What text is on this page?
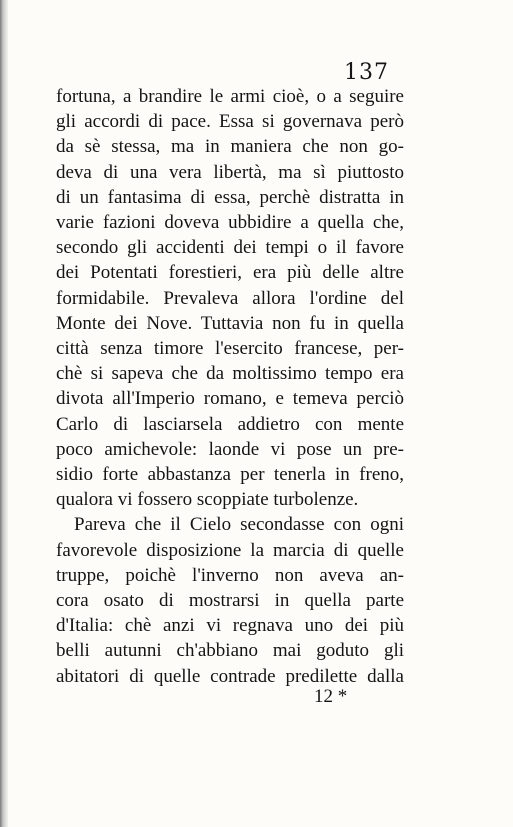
137
fortuna, a brandire le armi cioè, o a seguire
gli accordi di pace. Essa si governava però
da sè stessa, ma in maniera che non go-
deva di una vera libertà, ma sì piuttosto
di un fantasima di essa, perchè distratta in
varie fazioni doveva ubbidire a quella che,
secondo gli accidenti dei tempi o il favore
dei Potentati forestieri, era più delle altre
formidabile. Prevaleva allora l'ordine del
Monte dei Nove. Tuttavia non fu in quella
città senza timore l'esercito francese, per-
chè si sapeva che da moltissimo tempo era
divota all'Imperio romano, e temeva perciò
Carlo di lasciarsela addietro con mente
poco amichevole: laonde vi pose un pre-
sidio forte abbastanza per tenerla in freno,
qualora vi fossero scoppiate turbolenze.
Pareva che il Cielo secondasse con ogni
favorevole disposizione la marcia di quelle
truppe, poichè l'inverno non aveva an-
cora osato di mostrarsi in quella parte
d'Italia: chè anzi vi regnava uno dei più
belli autunni ch'abbiano mai goduto gli
abitatori di quelle contrade predilette dalla
12 *
